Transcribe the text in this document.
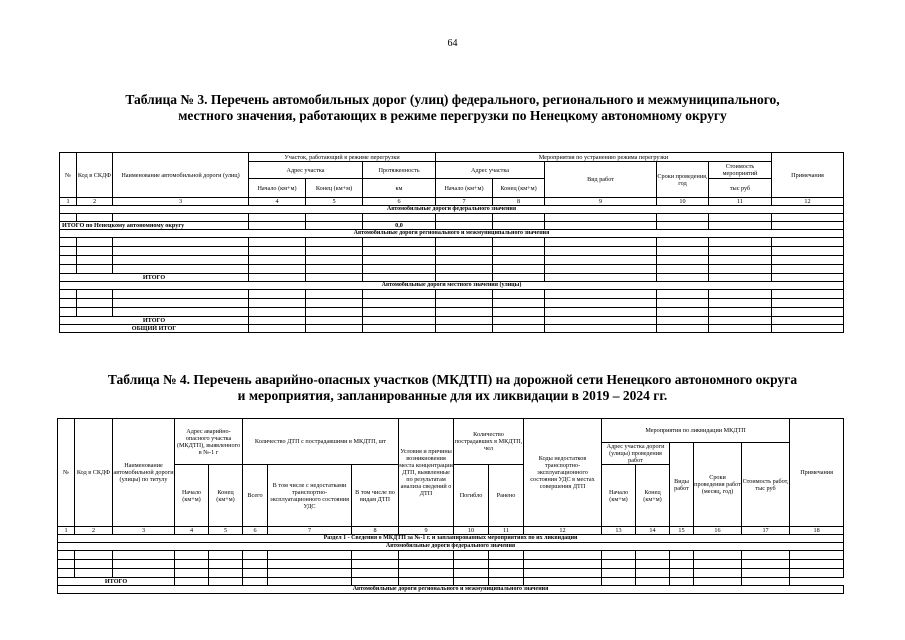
64
Таблица № 3. Перечень автомобильных дорог (улиц) федерального, регионального и межмуниципального,
местного значения, работающих в режиме перегрузки по Ненецкому автономному округу
№	Код в СКДФ	Наименование автомобильной дороги (улиц)	Участок, работающий в режиме перегрузки			Мероприятия по устранению режима перегрузки					Примечания
			Адрес участка		Протяженность	Адрес участка		Вид работ	Сроки проведения, год	Стоимость мероприятий	
			Начало (км+м)	Конец (км+м)	км	Начало (км+м)	Конец (км+м)			тыс руб	
1	2	3	4	5	6	7	8	9	10	11	12
Автомобильные дороги федерального значения											

ИТОГО по Ненецкому автономному округу					0,0						
Автомобильные дороги регионального и межмуниципального значения											

ИТОГО											
Автомобильные дороги местного значения (улицы)											

ИТОГО											
ОБЩИЙ ИТОГ											
Таблица № 4. Перечень аварийно-опасных участков (МКДТП) на дорожной сети Ненецкого автономного округа
и мероприятия, запланированные для их ликвидации в 2019 – 2024 гг.
№	Код в СКДФ	Наименование автомобильной дороги (улицы) по титулу	Адрес аварийно-опасного участка (МКДТП), выявленного в №-1 г		Количество ДТП с пострадавшими в МКДТП, шт			Условия и причины возникновения места концентрации ДТП, выявленные по результатам анализа сведений о ДТП	Количество пострадавших в МКДТП, чел		Коды недостатков транспортно-эксплуатационного состояния УДС в местах совершения ДТП	Мероприятия по ликвидации МКДТП					Примечания
												Адрес участка дороги (улицы) проведения работ		Виды работ	Сроки проведения работ (месяц, год)	Стоимость работ, тыс руб	
			Начало (км+м)	Конец (км+м)	Всего	В том числе с недостатками транспортно-эксплуатационного состояния УДС	В том числе по видам ДТП		Погибло	Ранено		Начало (км+м)	Конец (км+м)				
1	2	3	4	5	6	7	8	9	10	11	12	13	14	15	16	17	18
Раздел 1 - Сведения о МКДТП за №-1 г. и запланированных мероприятиях по их ликвидации																	
Автомобильные дороги федерального значения																	

ИТОГО																	
Автомобильные дороги регионального и межмуниципального значения																	
